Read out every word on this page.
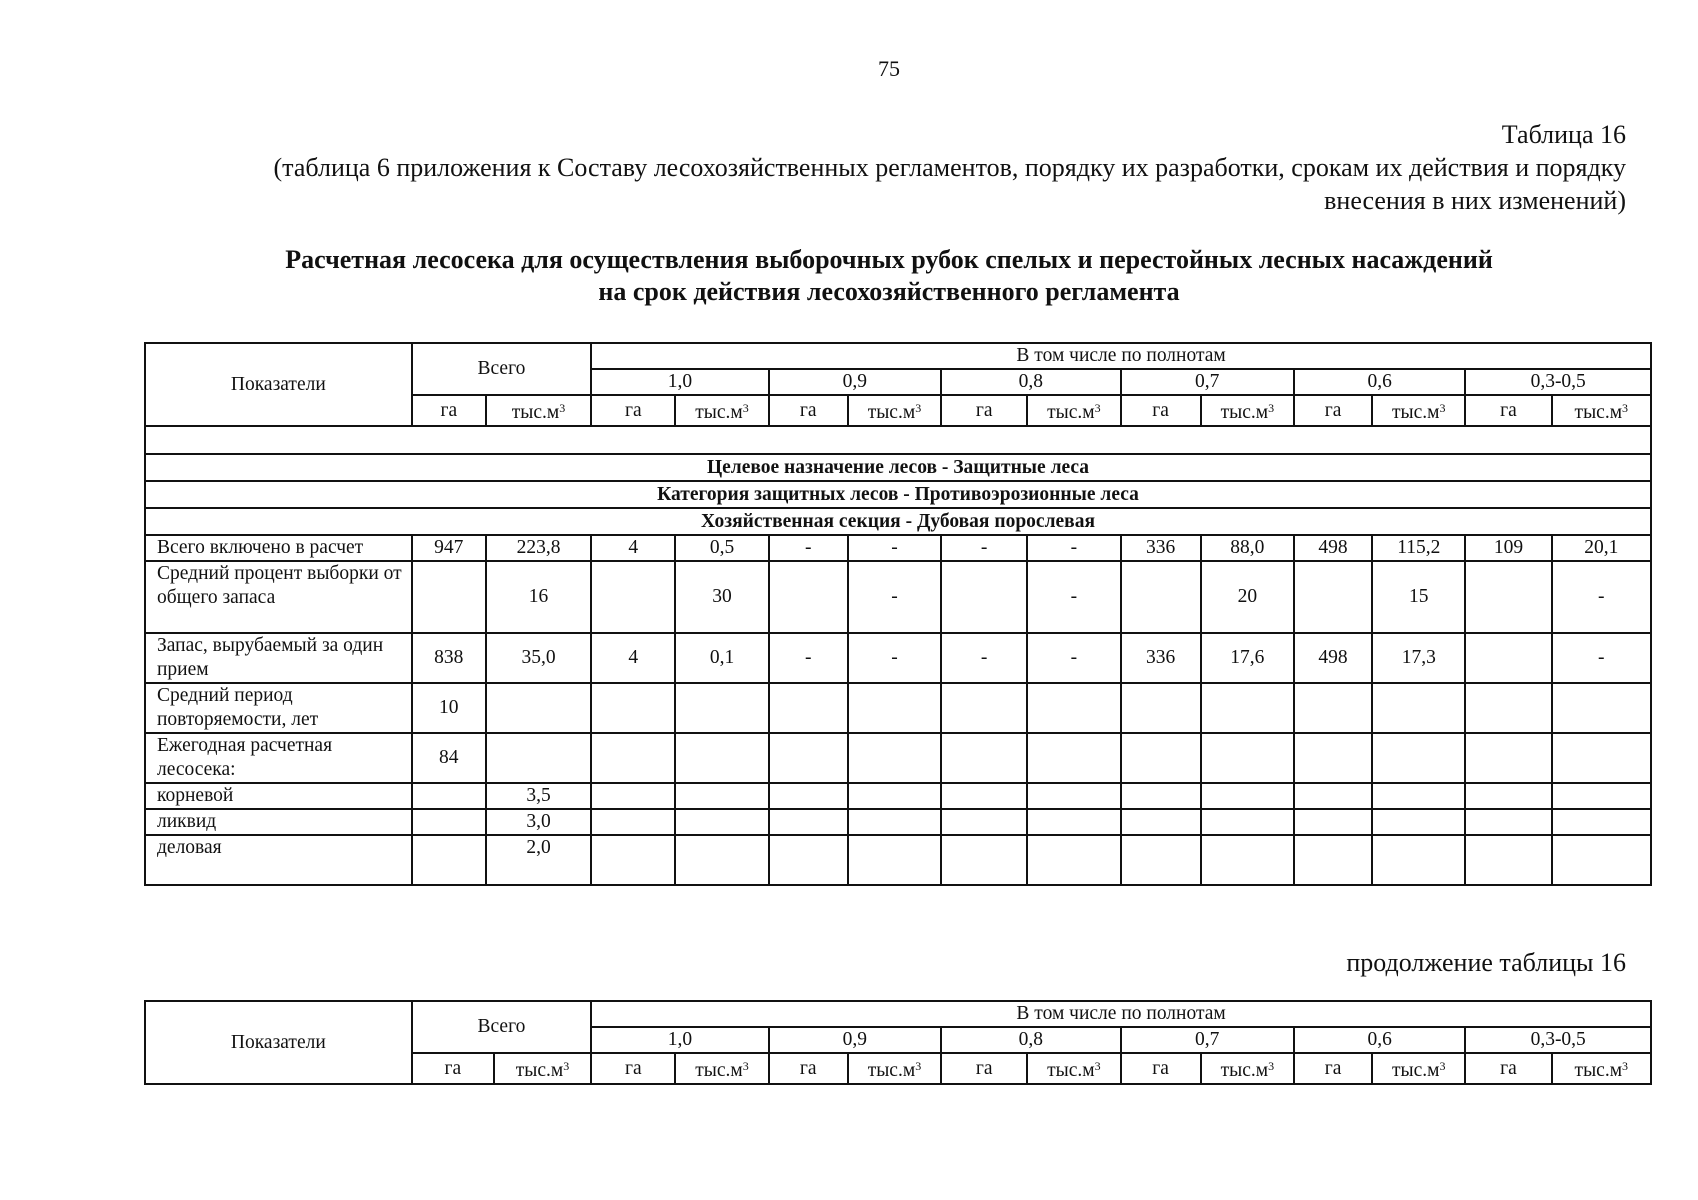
75
Таблица 16
(таблица 6 приложения к Составу лесохозяйственных регламентов, порядку их разработки, срокам их действия и порядку
внесения в них изменений)
Расчетная лесосека для осуществления выборочных рубок спелых и перестойных лесных насаждений
на срок действия лесохозяйственного регламента
Показатели	Всего		В том числе по полнотам											
			1,0		0,9		0,8		0,7		0,6		0,3-0,5	
	га	$тыс.м^3$	га	$тыс.м^3$	га	$тыс.м^3$	га	$тыс.м^3$	га	$тыс.м^3$	га	$тыс.м^3$	га	$тыс.м^3$

Целевое назначение лесов - Защитные леса														
Категория защитных лесов - Противоэрозионные леса														
Хозяйственная секция - Дубовая порослевая														
Всего включено в расчет	947	223,8	4	0,5	-	-	-	-	336	88,0	498	115,2	109	20,1
Средний процент выборки от общего запаса		16		30		-		-		20		15		-
Запас, вырубаемый за один прием	838	35,0	4	0,1	-	-	-	-	336	17,6	498	17,3		-
Средний период повторяемости, лет	10													
Ежегодная расчетная лесосека:	84													
корневой		3,5												
ликвид		3,0												
деловая		2,0												
продолжение таблицы 16
Показатели	Всего		В том числе по полнотам											
			1,0		0,9		0,8		0,7		0,6		0,3-0,5	
	га	$тыс.м^3$	га	$тыс.м^3$	га	$тыс.м^3$	га	$тыс.м^3$	га	$тыс.м^3$	га	$тыс.м^3$	га	$тыс.м^3$
